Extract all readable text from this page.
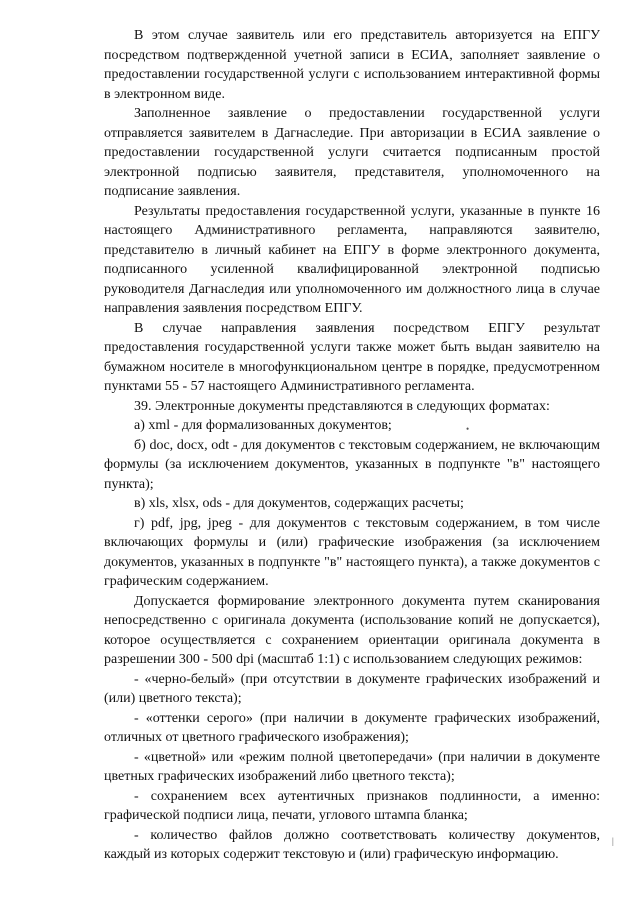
В этом случае заявитель или его представитель авторизуется на ЕПГУ посредством подтвержденной учетной записи в ЕСИА, заполняет заявление о предоставлении государственной услуги с использованием интерактивной формы в электронном виде.

Заполненное заявление о предоставлении государственной услуги отправляется заявителем в Дагнаследие. При авторизации в ЕСИА заявление о предоставлении государственной услуги считается подписанным простой электронной подписью заявителя, представителя, уполномоченного на подписание заявления.

Результаты предоставления государственной услуги, указанные в пункте 16 настоящего Административного регламента, направляются заявителю, представителю в личный кабинет на ЕПГУ в форме электронного документа, подписанного усиленной квалифицированной электронной подписью руководителя Дагнаследия или уполномоченного им должностного лица в случае направления заявления посредством ЕПГУ.

В случае направления заявления посредством ЕПГУ результат предоставления государственной услуги также может быть выдан заявителю на бумажном носителе в многофункциональном центре в порядке, предусмотренном пунктами 55 - 57 настоящего Административного регламента.

39. Электронные документы представляются в следующих форматах:

а) xml - для формализованных документов;

б) doc, docx, odt - для документов с текстовым содержанием, не включающим формулы (за исключением документов, указанных в подпункте "в" настоящего пункта);

в) xls, xlsx, ods - для документов, содержащих расчеты;

г) pdf, jpg, jpeg - для документов с текстовым содержанием, в том числе включающих формулы и (или) графические изображения (за исключением документов, указанных в подпункте "в" настоящего пункта), а также документов с графическим содержанием.

Допускается формирование электронного документа путем сканирования непосредственно с оригинала документа (использование копий не допускается), которое осуществляется с сохранением ориентации оригинала документа в разрешении 300 - 500 dpi (масштаб 1:1) с использованием следующих режимов:

- «черно-белый» (при отсутствии в документе графических изображений и (или) цветного текста);

- «оттенки серого» (при наличии в документе графических изображений, отличных от цветного графического изображения);

- «цветной» или «режим полной цветопередачи» (при наличии в документе цветных графических изображений либо цветного текста);

- сохранением всех аутентичных признаков подлинности, а именно: графической подписи лица, печати, углового штампа бланка;

- количество файлов должно соответствовать количеству документов, каждый из которых содержит текстовую и (или) графическую информацию.

•
|
